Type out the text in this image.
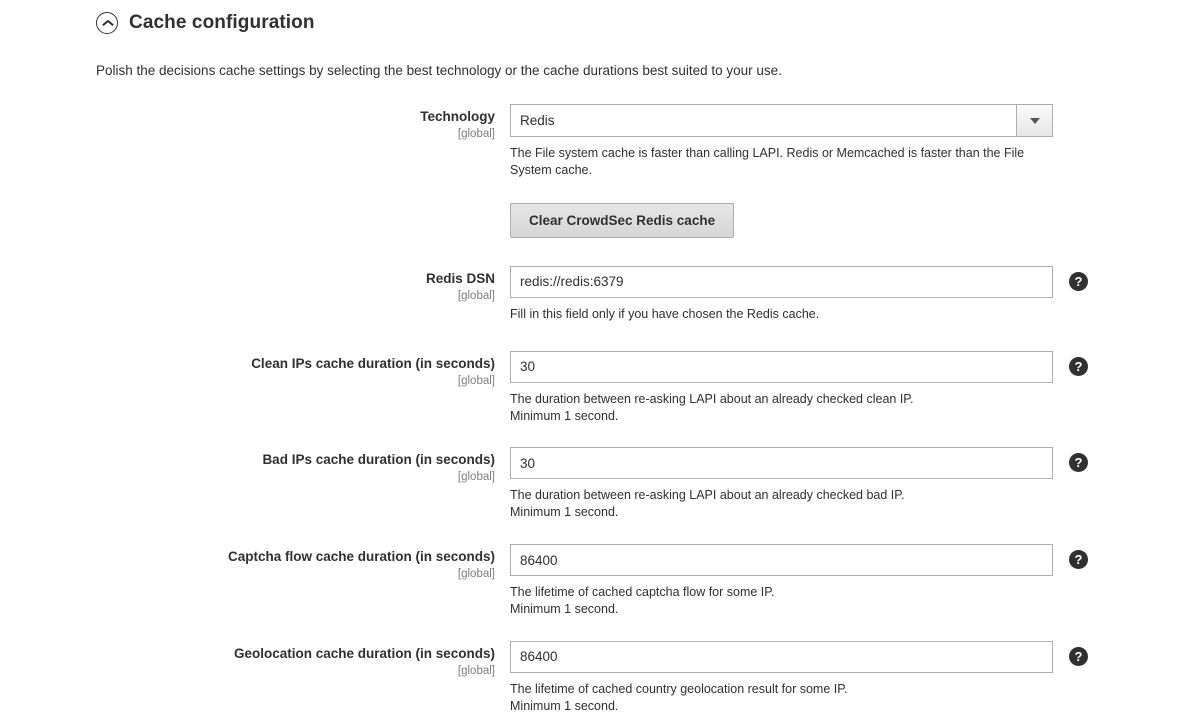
Cache configuration
Polish the decisions cache settings by selecting the best technology or the cache durations best suited to your use.
Technology
[global]
Redis
The File system cache is faster than calling LAPI. Redis or Memcached is faster than the File
System cache.
Clear CrowdSec Redis cache
Redis DSN
[global]
redis://redis:6379
?
Fill in this field only if you have chosen the Redis cache.
Clean IPs cache duration (in seconds)
[global]
30
?
The duration between re-asking LAPI about an already checked clean IP.
Minimum 1 second.
Bad IPs cache duration (in seconds)
[global]
30
?
The duration between re-asking LAPI about an already checked bad IP.
Minimum 1 second.
Captcha flow cache duration (in seconds)
[global]
86400
?
The lifetime of cached captcha flow for some IP.
Minimum 1 second.
Geolocation cache duration (in seconds)
[global]
86400
?
The lifetime of cached country geolocation result for some IP.
Minimum 1 second.
